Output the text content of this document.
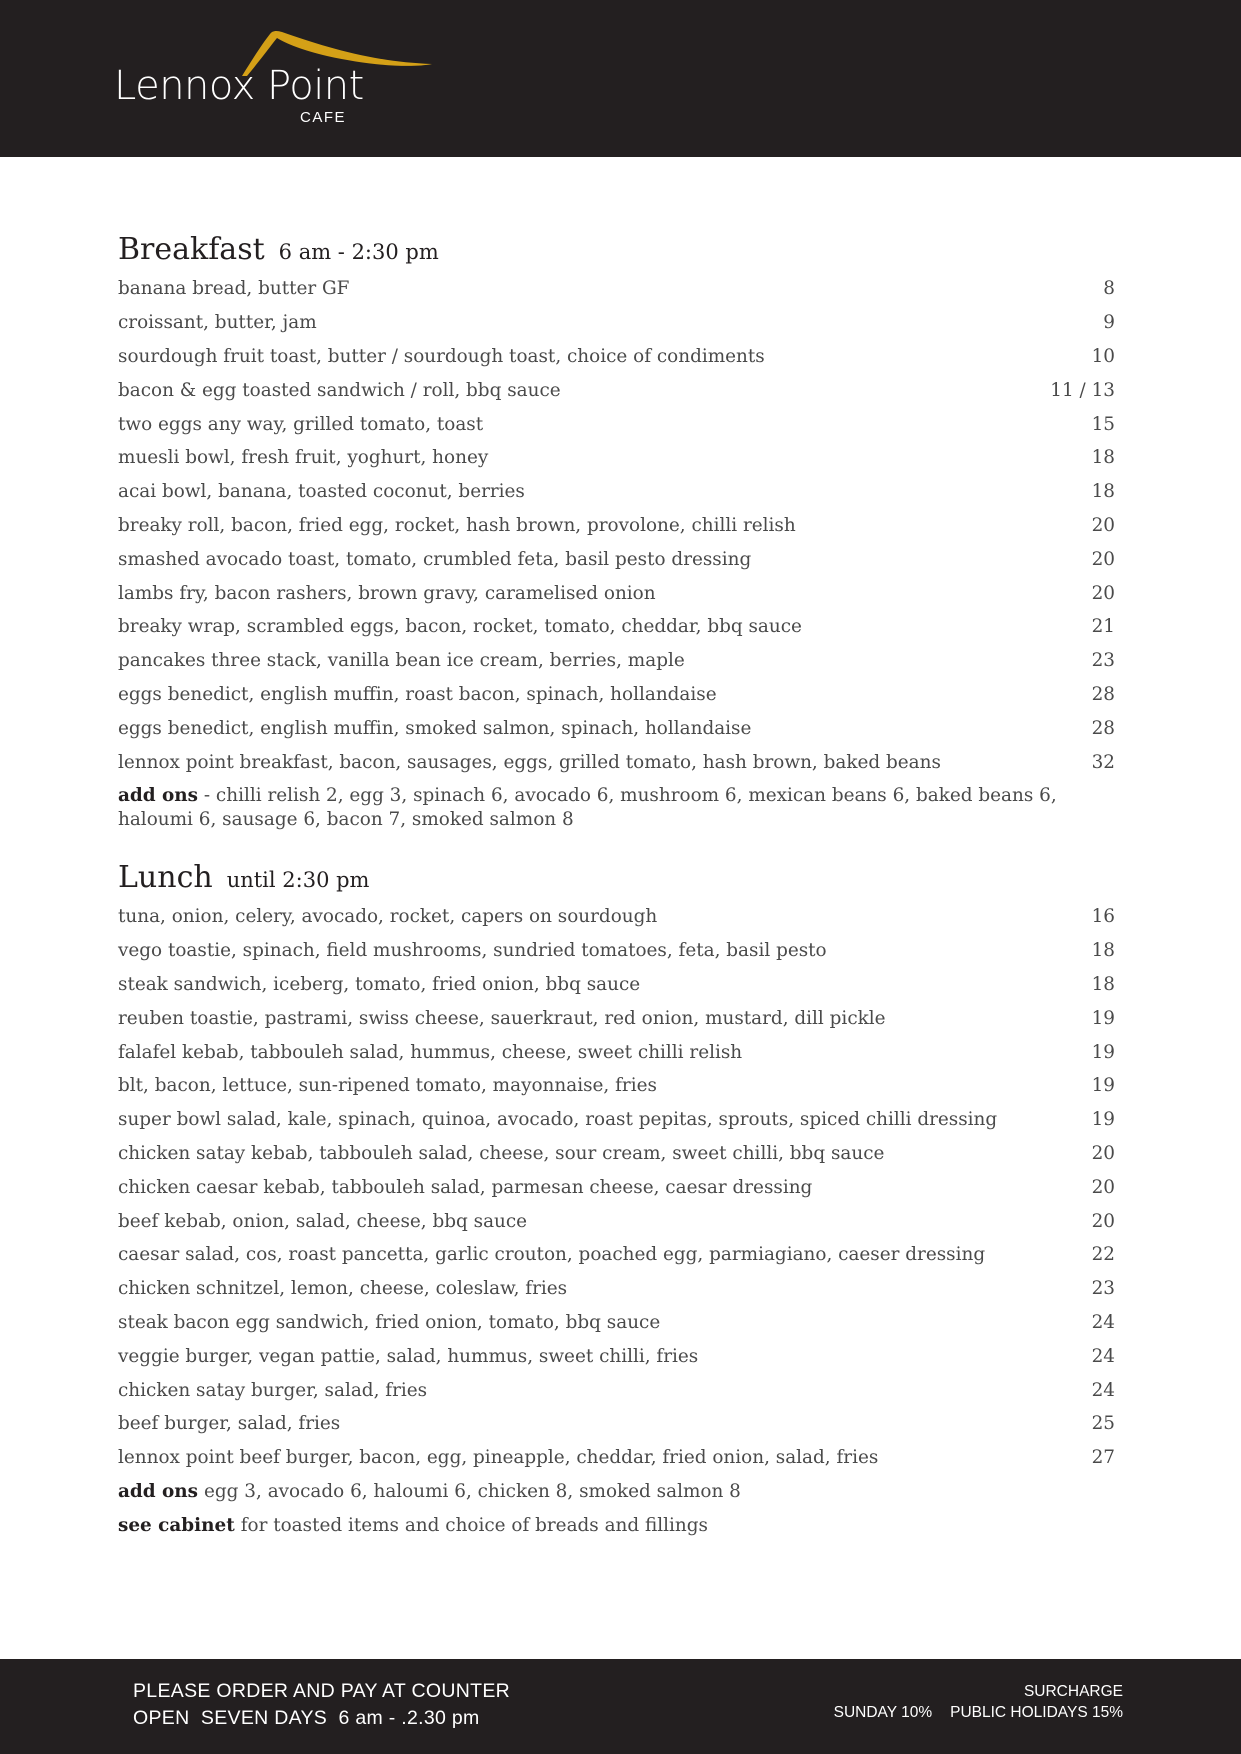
Lennox Point
CAFE
Breakfast 6 am - 2:30 pm
banana bread, butter GF	8
croissant, butter, jam	9
sourdough fruit toast, butter / sourdough toast, choice of condiments	10
bacon & egg toasted sandwich / roll, bbq sauce	11 / 13
two eggs any way, grilled tomato, toast	15
muesli bowl, fresh fruit, yoghurt, honey	18
acai bowl, banana, toasted coconut, berries	18
breaky roll, bacon, fried egg, rocket, hash brown, provolone, chilli relish	20
smashed avocado toast, tomato, crumbled feta, basil pesto dressing	20
lambs fry, bacon rashers, brown gravy, caramelised onion	20
breaky wrap, scrambled eggs, bacon, rocket, tomato, cheddar, bbq sauce	21
pancakes three stack, vanilla bean ice cream, berries, maple	23
eggs benedict, english muffin, roast bacon, spinach, hollandaise	28
eggs benedict, english muffin, smoked salmon, spinach, hollandaise	28
lennox point breakfast, bacon, sausages, eggs, grilled tomato, hash brown, baked beans	32
add ons - chilli relish 2, egg 3, spinach 6, avocado 6, mushroom 6, mexican beans 6, baked beans 6, haloumi 6, sausage 6, bacon 7, smoked salmon 8
Lunch until 2:30 pm
tuna, onion, celery, avocado, rocket, capers on sourdough	16
vego toastie, spinach, field mushrooms, sundried tomatoes, feta, basil pesto	18
steak sandwich, iceberg, tomato, fried onion, bbq sauce	18
reuben toastie, pastrami, swiss cheese, sauerkraut, red onion, mustard, dill pickle	19
falafel kebab, tabbouleh salad, hummus, cheese, sweet chilli relish	19
blt, bacon, lettuce, sun-ripened tomato, mayonnaise, fries	19
super bowl salad, kale, spinach, quinoa, avocado, roast pepitas, sprouts, spiced chilli dressing	19
chicken satay kebab, tabbouleh salad, cheese, sour cream, sweet chilli, bbq sauce	20
chicken caesar kebab, tabbouleh salad, parmesan cheese, caesar dressing	20
beef kebab, onion, salad, cheese, bbq sauce	20
caesar salad, cos, roast pancetta, garlic crouton, poached egg, parmiagiano, caeser dressing	22
chicken schnitzel, lemon, cheese, coleslaw, fries	23
steak bacon egg sandwich, fried onion, tomato, bbq sauce	24
veggie burger, vegan pattie, salad, hummus, sweet chilli, fries	24
chicken satay burger, salad, fries	24
beef burger, salad, fries	25
lennox point beef burger, bacon, egg, pineapple, cheddar, fried onion, salad, fries	27
add ons egg 3, avocado 6, haloumi 6, chicken 8, smoked salmon 8
see cabinet for toasted items and choice of breads and fillings
PLEASE ORDER AND PAY AT COUNTER
OPEN  SEVEN DAYS  6 am - .2.30 pm
SURCHARGE
SUNDAY 10% PUBLIC HOLIDAYS 15%
